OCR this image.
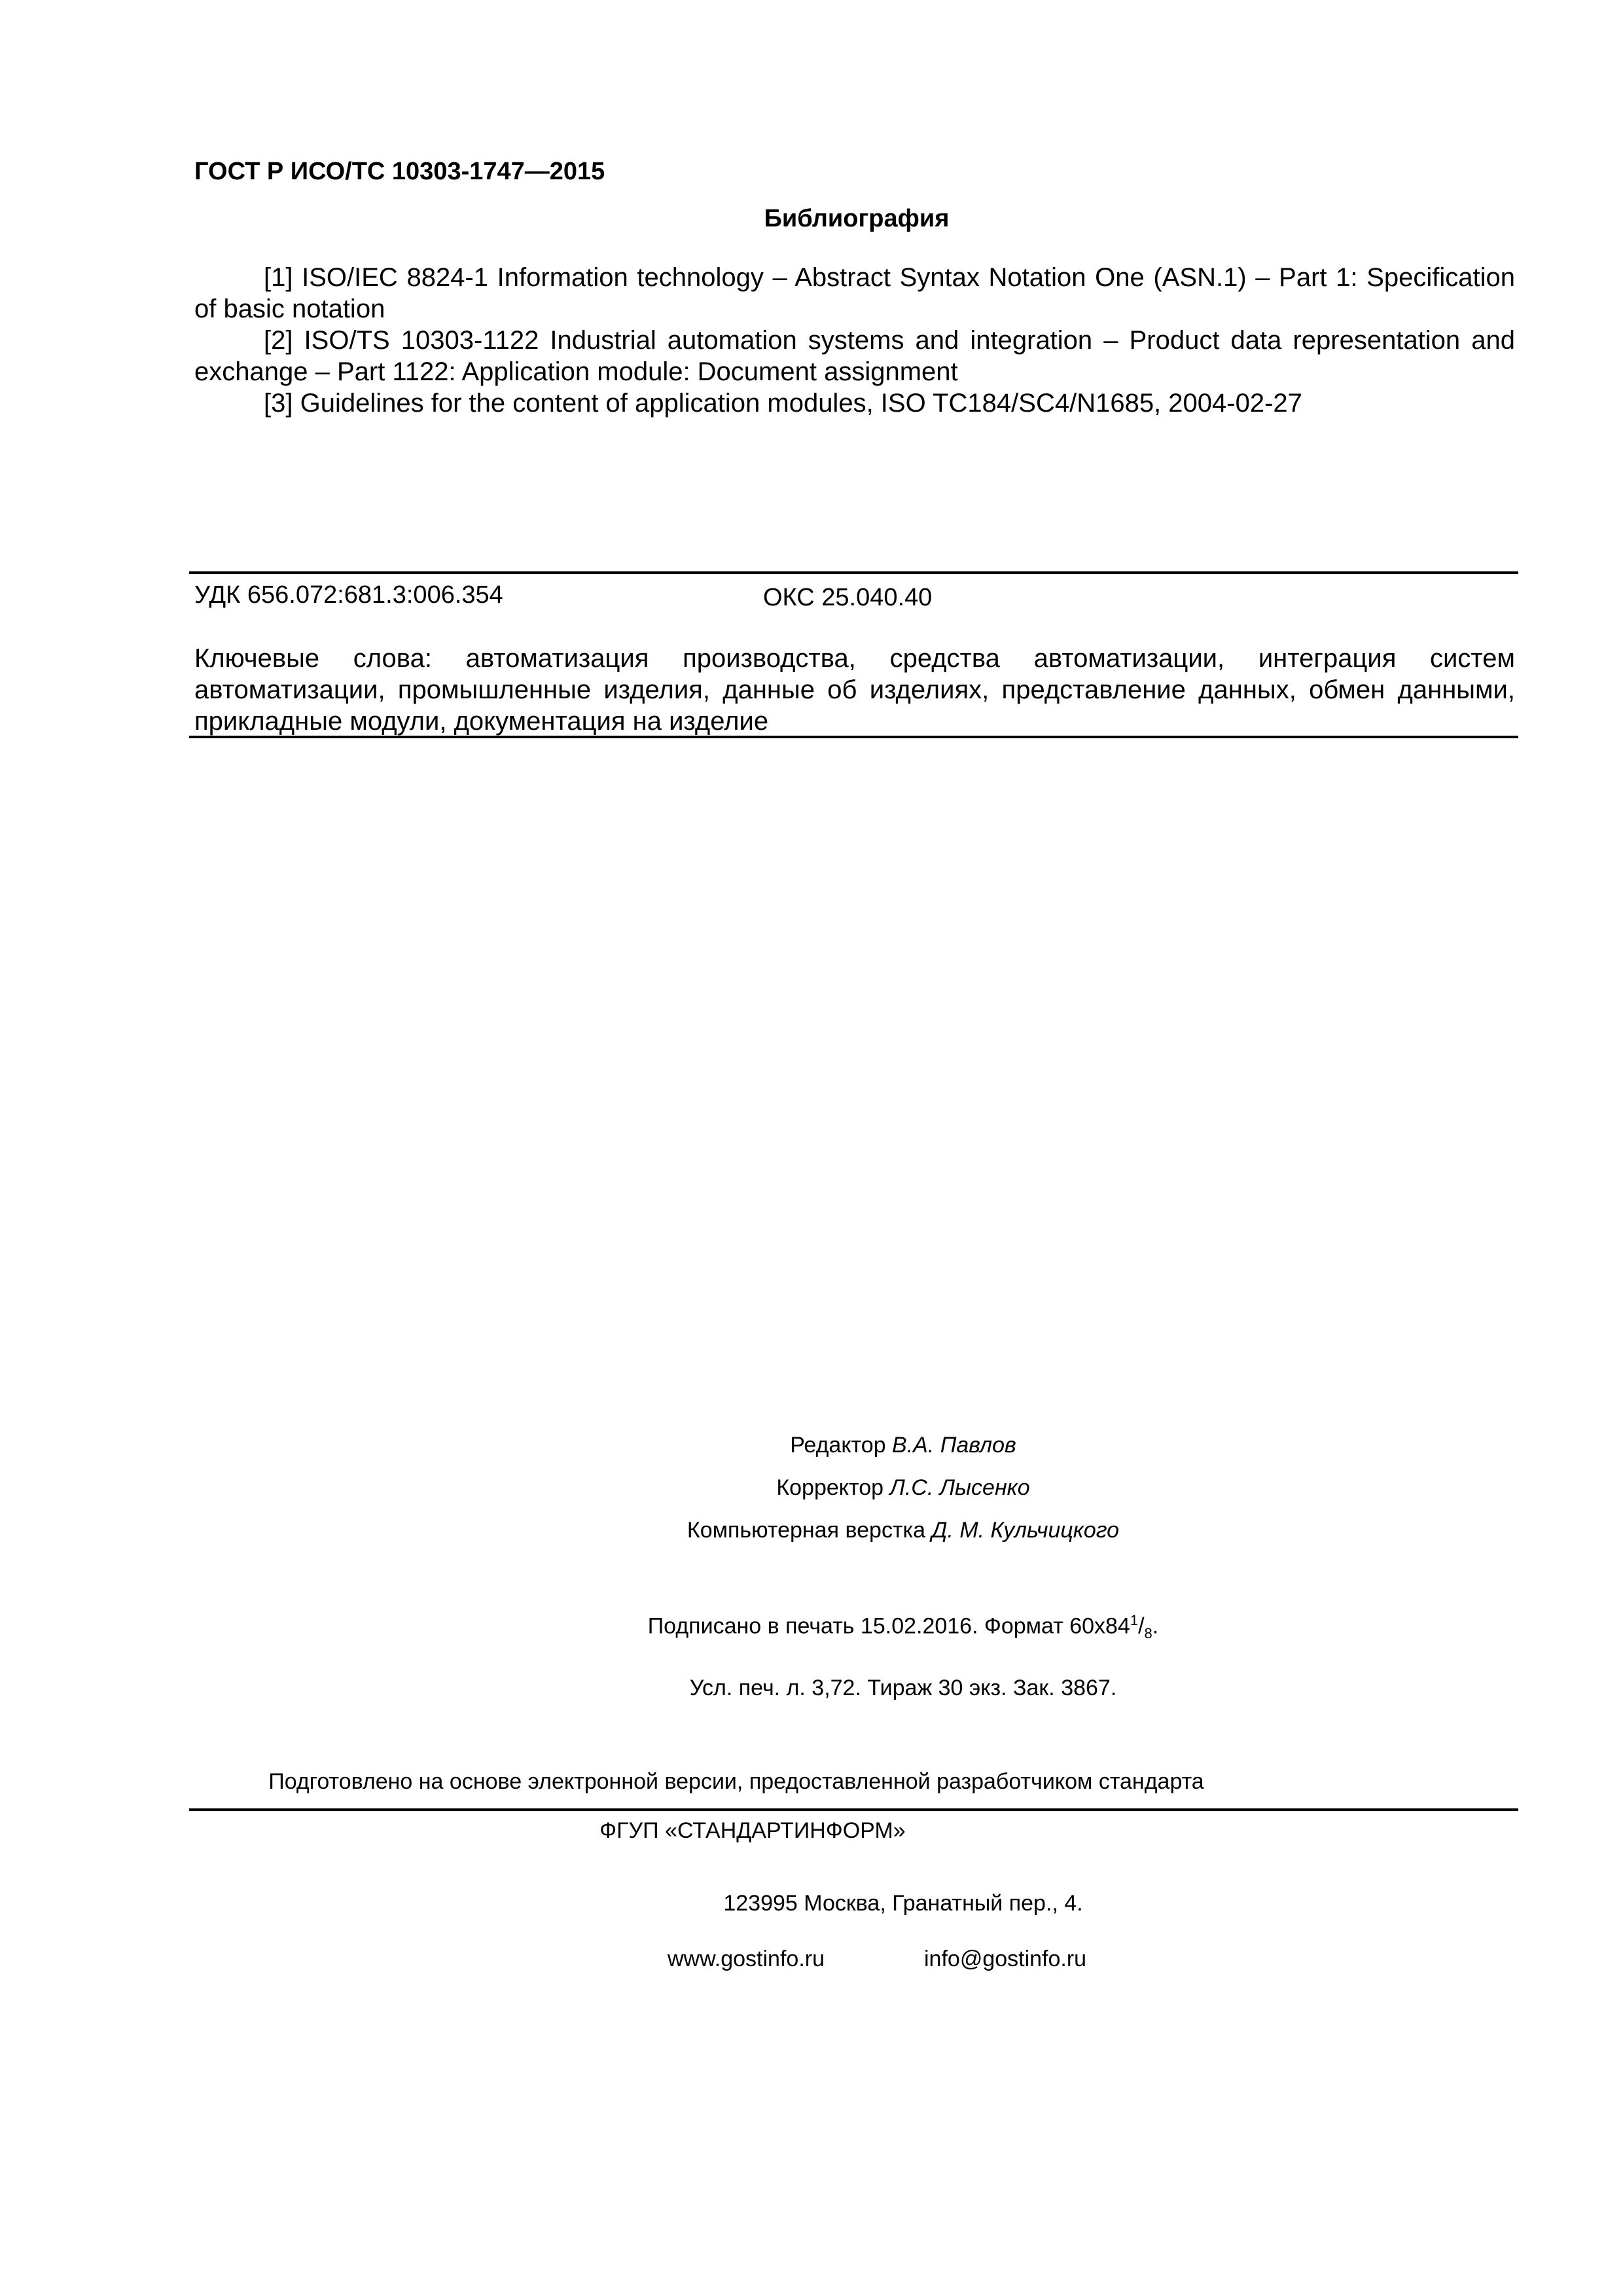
ГОСТ Р ИСО/ТС 10303-1747—2015
Библиография

[1] ISO/IEC 8824-1 Information technology – Abstract Syntax Notation One (ASN.1) – Part 1: Specification of basic notation

[2] ISO/TS 10303-1122 Industrial automation systems and integration – Product data representation and exchange – Part 1122: Application module: Document assignment

[3] Guidelines for the content of application modules, ISO TC184/SC4/N1685, 2004-02-27

УДК 656.072:681.3:006.354	ОКС 25.040.40

Ключевые слова: автоматизация производства, средства автоматизации, интеграция систем автоматизации, промышленные изделия, данные об изделиях, представление данных, обмен данными, прикладные модули, документация на изделие

Редактор В.А. Павлов
Корректор Л.С. Лысенко
Компьютерная верстка Д. М. Кульчицкого
Подписано в печать 15.02.2016. Формат $60x84^1/_8$.
Усл. печ. л. 3,72. Тираж 30 экз. Зак. 3867.
Подготовлено на основе электронной версии, предоставленной разработчиком стандарта
ФГУП «СТАНДАРТИНФОРМ»
123995 Москва, Гранатный пер., 4.
www.gostinfo.ru	info@gostinfo.ru
